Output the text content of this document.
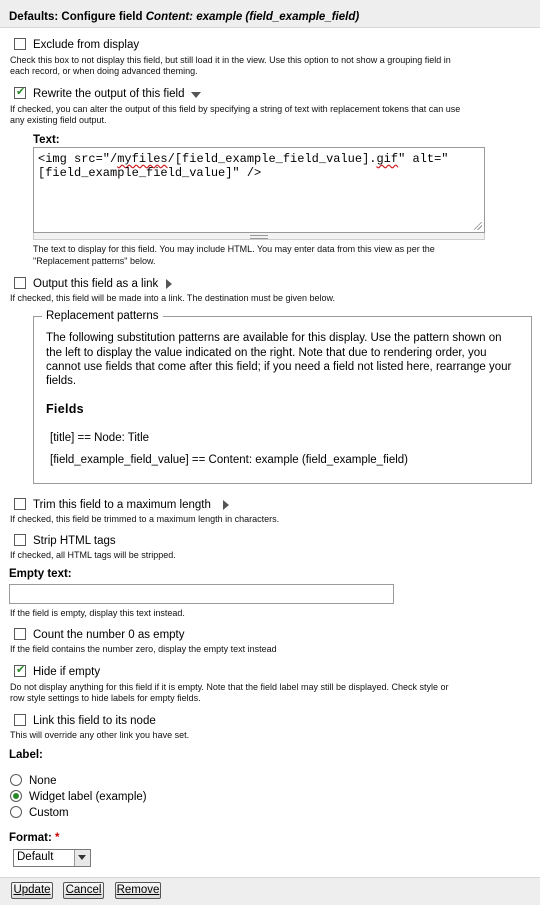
Defaults: Configure field Content: example (field_example_field)
Exclude from display
Check this box to not display this field, but still load it in the view. Use this option to not show a grouping field in
each record, or when doing advanced theming.
✔
Rewrite the output of this field
If checked, you can alter the output of this field by specifying a string of text with replacement tokens that can use
any existing field output.
Text:
<img src="/myfiles/[field_example_field_value].gif" alt="
[field_example_field_value]" />
The text to display for this field. You may include HTML. You may enter data from this view as per the
"Replacement patterns" below.
Output this field as a link
If checked, this field will be made into a link. The destination must be given below.
Replacement patterns
The following substitution patterns are available for this display. Use the pattern shown on
the left to display the value indicated on the right. Note that due to rendering order, you
cannot use fields that come after this field; if you need a field not listed here, rearrange your
fields.
Fields
[title] == Node: Title
[field_example_field_value] == Content: example (field_example_field)
Trim this field to a maximum length
If checked, this field be trimmed to a maximum length in characters.
Strip HTML tags
If checked, all HTML tags will be stripped.
Empty text:
If the field is empty, display this text instead.
Count the number 0 as empty
If the field contains the number zero, display the empty text instead
✔
Hide if empty
Do not display anything for this field if it is empty. Note that the field label may still be displayed. Check style or
row style settings to hide labels for empty fields.
Link this field to its node
This will override any other link you have set.
Label:
None
Widget label (example)
Custom
Format: *
Default
Update Cancel Remove
